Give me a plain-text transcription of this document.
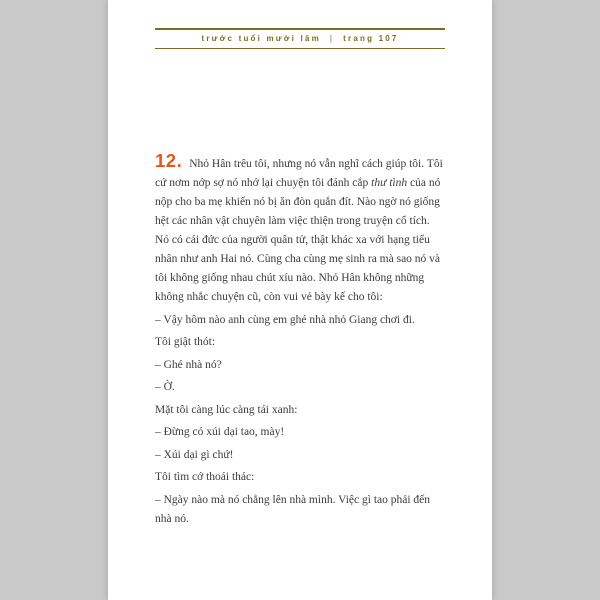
trước tuổi mười lăm | trang 107

12. Nhỏ Hân trêu tôi, nhưng nó vẫn nghĩ cách giúp tôi. Tôi cứ nơm nớp sợ nó nhớ lại chuyện tôi đánh cắp thư tình của nó nộp cho ba mẹ khiến nó bị ăn đòn quắn đít. Nào ngờ nó giống hệt các nhân vật chuyên làm việc thiện trong truyện cổ tích. Nó có cái đức của người quân tử, thật khác xa với hạng tiểu nhân như anh Hai nó. Cùng cha cùng mẹ sinh ra mà sao nó và tôi không giống nhau chút xíu nào. Nhỏ Hân không những không nhắc chuyện cũ, còn vui vẻ bày kế cho tôi:

– Vậy hôm nào anh cùng em ghé nhà nhỏ Giang chơi đi.

Tôi giật thót:

– Ghé nhà nó?

– Ờ.

Mặt tôi càng lúc càng tái xanh:

– Đừng có xúi dại tao, mày!

– Xúi dại gì chứ!

Tôi tìm cớ thoái thác:

– Ngày nào mà nó chẳng lên nhà mình. Việc gì tao phải đến nhà nó.
